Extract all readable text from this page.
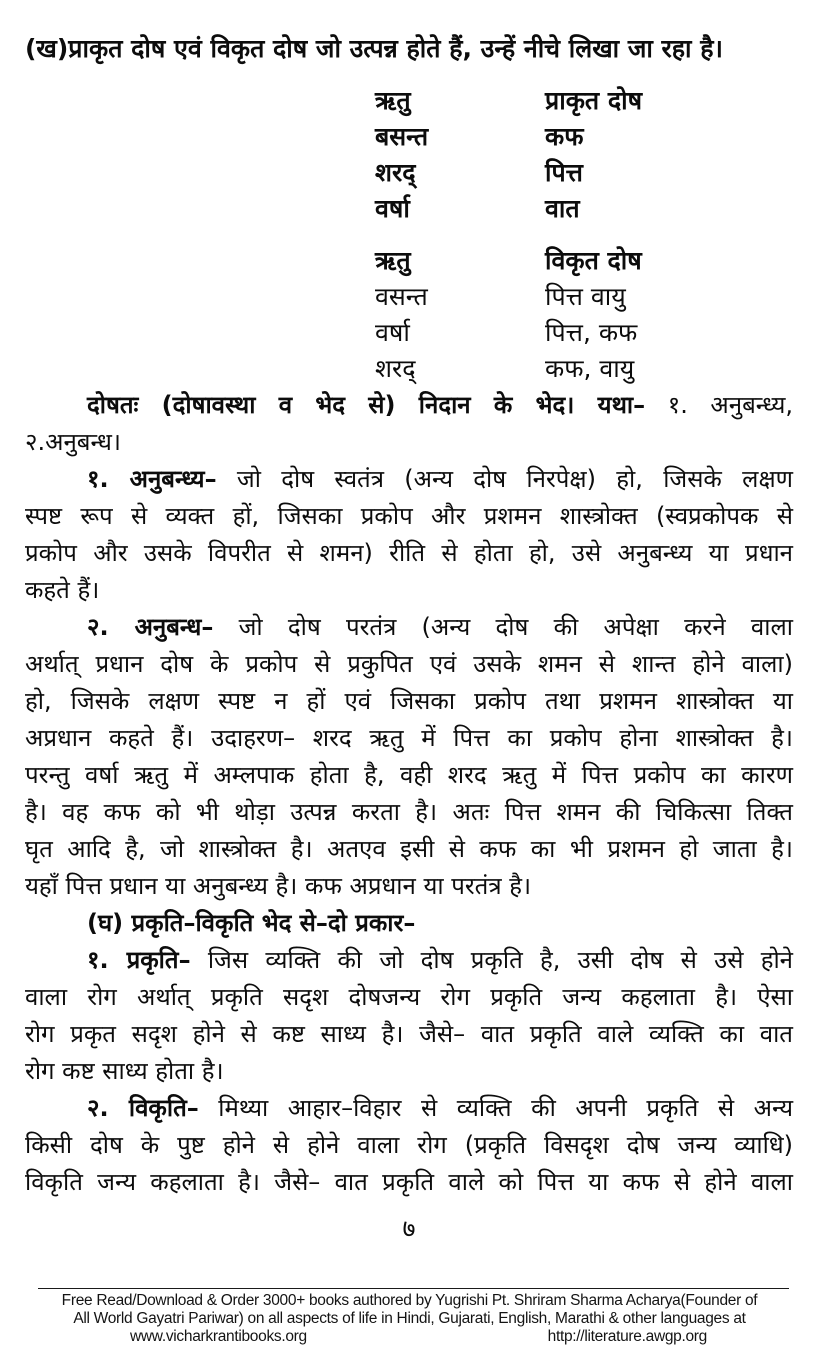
(ख)प्राकृत दोष एवं विकृत दोष जो उत्पन्न होते हैं, उन्हें नीचे लिखा जा रहा है।
ऋतु	प्राकृत दोष
बसन्त	कफ
शरद्	पित्त
वर्षा	वात
ऋतु	विकृत दोष
वसन्त	पित्त वायु
वर्षा	पित्त, कफ
शरद्	कफ, वायु
दोषतः (दोषावस्था व भेद से) निदान के भेद। यथा– १. अनुबन्ध्य,
२.अनुबन्ध।
१. अनुबन्ध्य– जो दोष स्वतंत्र (अन्य दोष निरपेक्ष) हो, जिसके लक्षण
स्पष्ट रूप से व्यक्त हों, जिसका प्रकोप और प्रशमन शास्त्रोक्त (स्वप्रकोपक से
प्रकोप और उसके विपरीत से शमन) रीति से होता हो, उसे अनुबन्ध्य या प्रधान
कहते हैं।
२. अनुबन्ध– जो दोष परतंत्र (अन्य दोष की अपेक्षा करने वाला
अर्थात् प्रधान दोष के प्रकोप से प्रकुपित एवं उसके शमन से शान्त होने वाला)
हो, जिसके लक्षण स्पष्ट न हों एवं जिसका प्रकोप तथा प्रशमन शास्त्रोक्त या
अप्रधान कहते हैं। उदाहरण– शरद ऋतु में पित्त का प्रकोप होना शास्त्रोक्त है।
परन्तु वर्षा ऋतु में अम्लपाक होता है, वही शरद ऋतु में पित्त प्रकोप का कारण
है। वह कफ को भी थोड़ा उत्पन्न करता है। अतः पित्त शमन की चिकित्सा तिक्त
घृत आदि है, जो शास्त्रोक्त है। अतएव इसी से कफ का भी प्रशमन हो जाता है।
यहाँ पित्त प्रधान या अनुबन्ध्य है। कफ अप्रधान या परतंत्र है।
(घ) प्रकृति–विकृति भेद से–दो प्रकार–
१. प्रकृति– जिस व्यक्ति की जो दोष प्रकृति है, उसी दोष से उसे होने
वाला रोग अर्थात् प्रकृति सदृश दोषजन्य रोग प्रकृति जन्य कहलाता है। ऐसा
रोग प्रकृत सदृश होने से कष्ट साध्य है। जैसे– वात प्रकृति वाले व्यक्ति का वात
रोग कष्ट साध्य होता है।
२. विकृति– मिथ्या आहार–विहार से व्यक्ति की अपनी प्रकृति से अन्य
किसी दोष के पुष्ट होने से होने वाला रोग (प्रकृति विसदृश दोष जन्य व्याधि)
विकृति जन्य कहलाता है। जैसे– वात प्रकृति वाले को पित्त या कफ से होने वाला
७
Free Read/Download & Order 3000+ books authored by Yugrishi Pt. Shriram Sharma Acharya(Founder of
All World Gayatri Pariwar) on all aspects of life in Hindi, Gujarati, English, Marathi & other languages at
www.vicharkrantibooks.org	http://literature.awgp.org
